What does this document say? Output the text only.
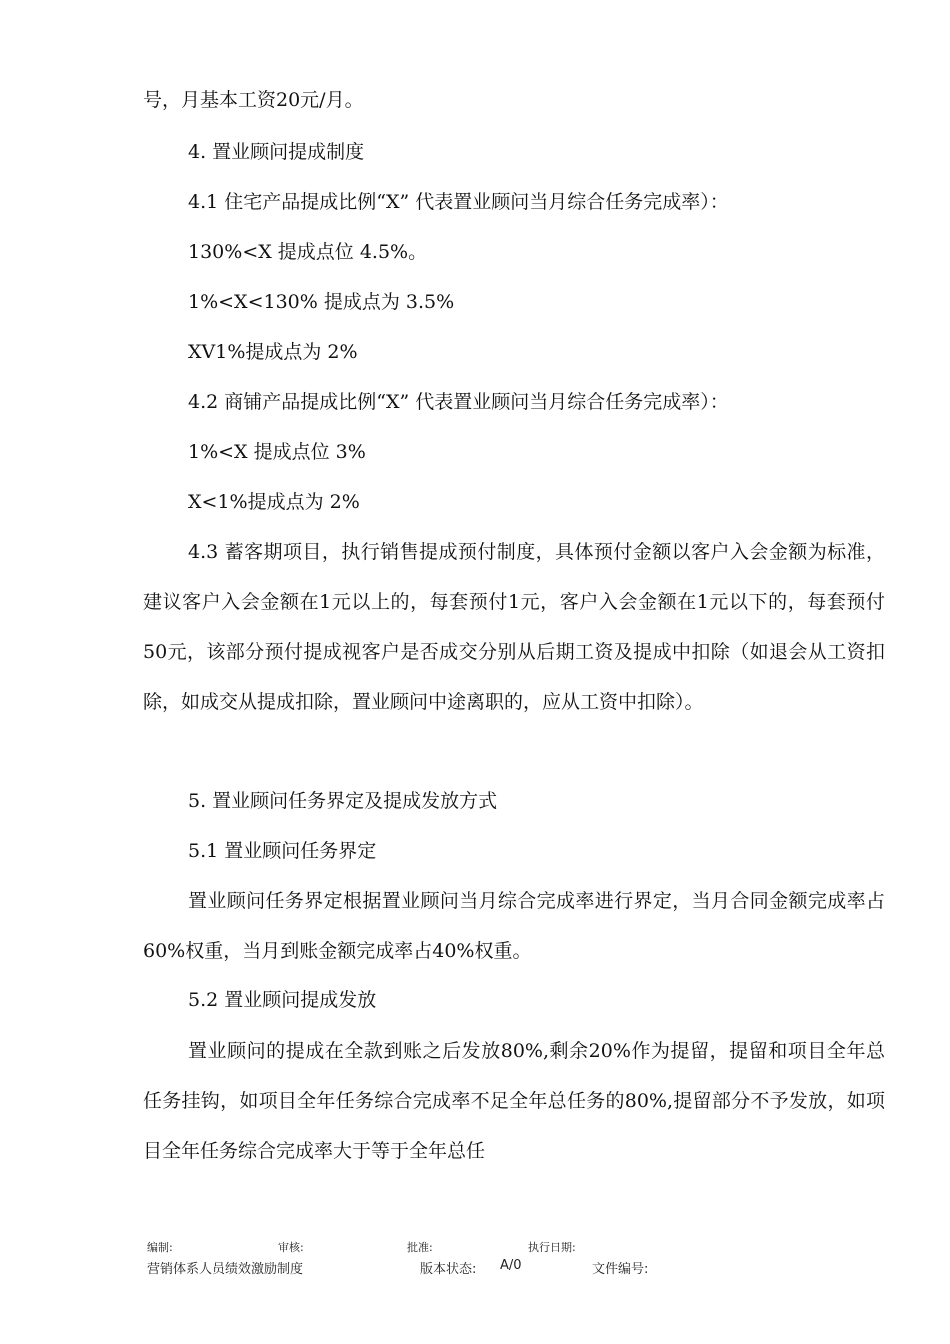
号，月基本工资20元/月。
4. 置业顾问提成制度
4.1 住宅产品提成比例“X” 代表置业顾问当月综合任务完成率）：
130%<X 提成点位 4.5%。
1%<X<130% 提成点为 3.5%
XV1%提成点为 2%
4.2 商铺产品提成比例“X” 代表置业顾问当月综合任务完成率）：
1%<X 提成点位 3%
X<1%提成点为 2%
4.3 蓄客期项目，执行销售提成预付制度，具体预付金额以客户入会金额为标准，建议客户入会金额在1元以上的，每套预付1元，客户入会金额在1元以下的，每套预付50元，该部分预付提成视客户是否成交分别从后期工资及提成中扣除（如退会从工资扣除，如成交从提成扣除，置业顾问中途离职的，应从工资中扣除）。
5. 置业顾问任务界定及提成发放方式
5.1 置业顾问任务界定
置业顾问任务界定根据置业顾问当月综合完成率进行界定，当月合同金额完成率占60%权重，当月到账金额完成率占40%权重。
5.2 置业顾问提成发放
置业顾问的提成在全款到账之后发放80%,剩余20%作为提留，提留和项目全年总任务挂钩，如项目全年任务综合完成率不足全年总任务的80%,提留部分不予发放，如项目全年任务综合完成率大于等于全年总任
编制:	审核:	批准:	执行日期:
营销体系人员绩效激励制度	版本状态: A/0	文件编号:
